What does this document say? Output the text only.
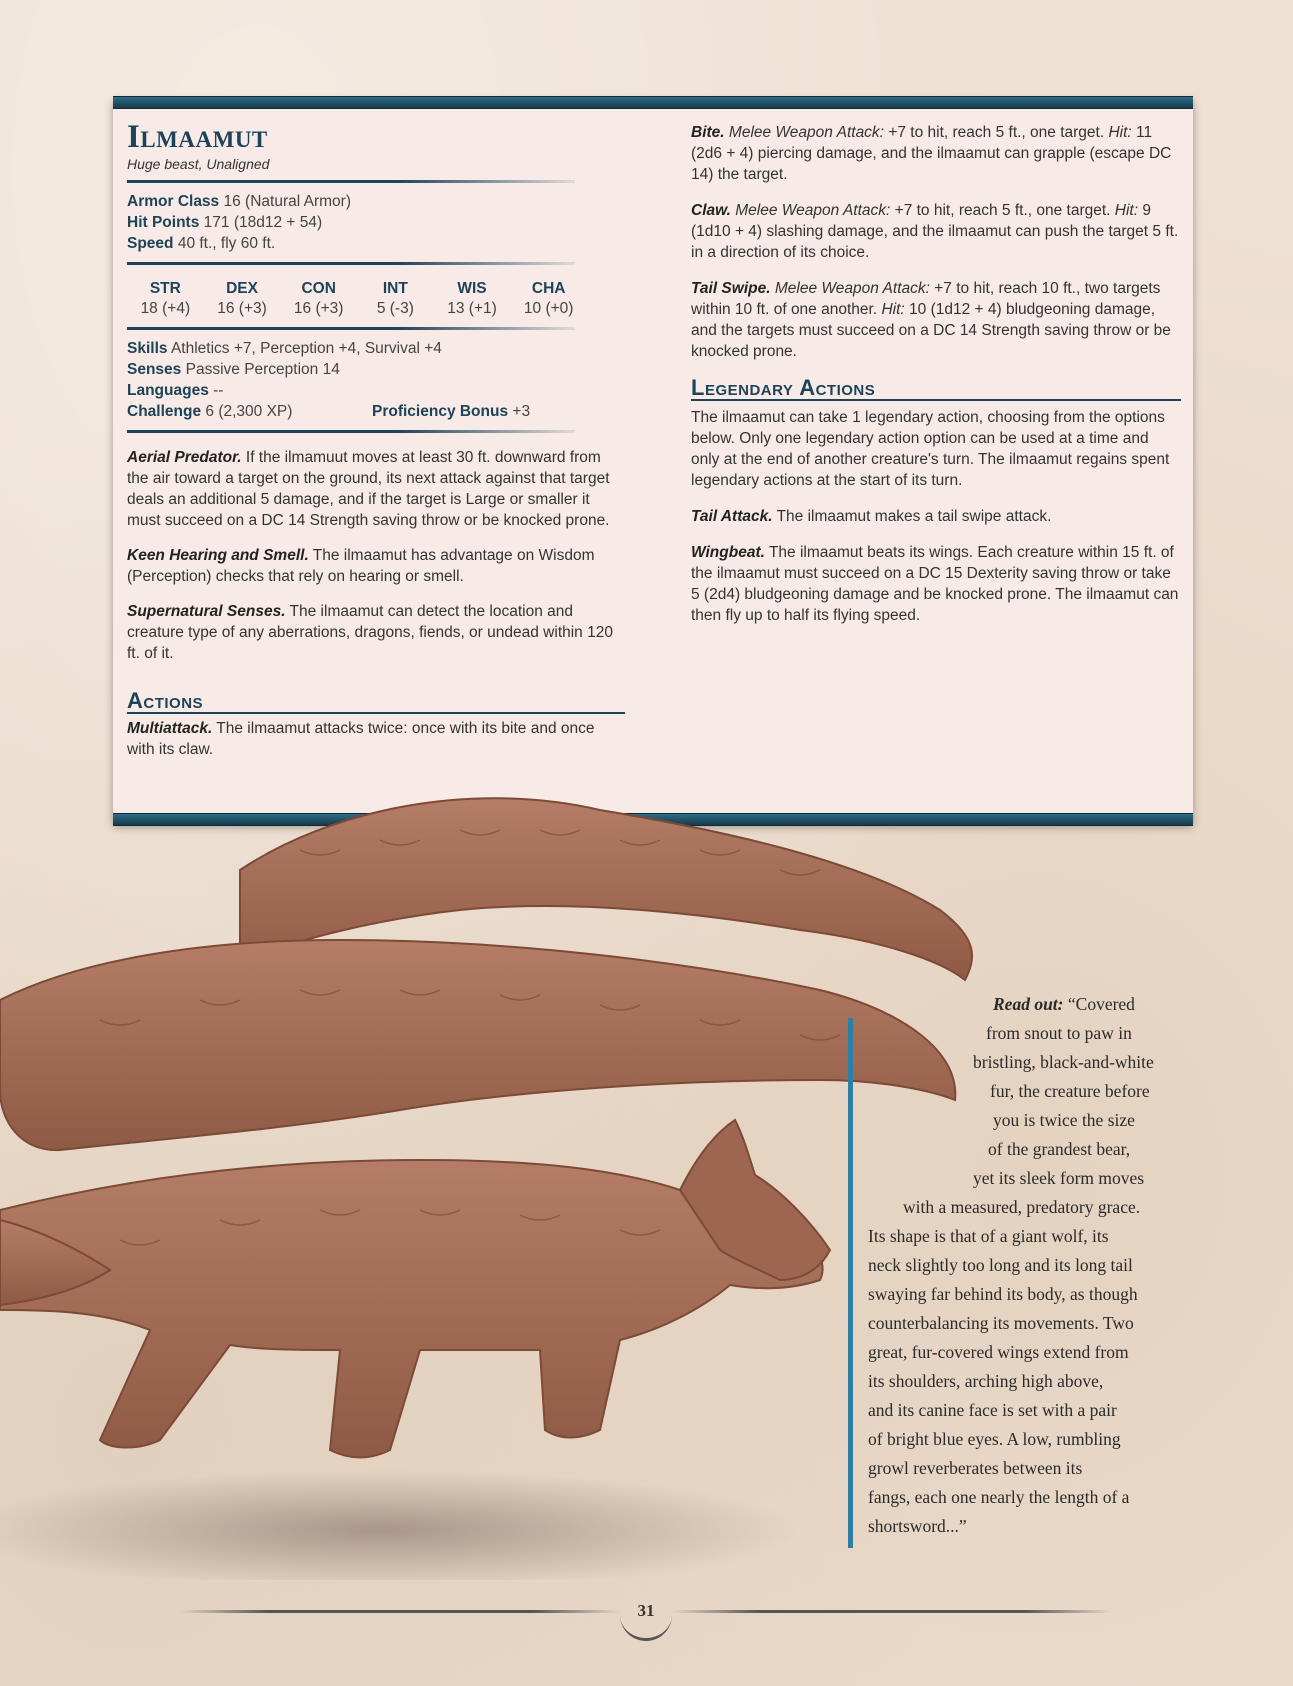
Ilmaamut
Huge beast, Unaligned
Armor Class 16 (Natural Armor)
Hit Points 171 (18d12 + 54)
Speed 40 ft., fly 60 ft.
STR
18 (+4)
DEX
16 (+3)
CON
16 (+3)
INT
5 (-3)
WIS
13 (+1)
CHA
10 (+0)
Skills Athletics +7, Perception +4, Survival +4
Senses Passive Perception 14
Languages --
Challenge 6 (2,300 XP)	Proficiency Bonus +3

Aerial Predator. If the ilmamuut moves at least 30 ft. downward from the air toward a target on the ground, its next attack against that target deals an additional 5 damage, and if the target is Large or smaller it must succeed on a DC 14 Strength saving throw or be knocked prone.

Keen Hearing and Smell. The ilmaamut has advantage on Wisdom (Perception) checks that rely on hearing or smell.

Supernatural Senses. The ilmaamut can detect the location and creature type of any aberrations, dragons, fiends, or undead within 120 ft. of it.

Actions

Multiattack. The ilmaamut attacks twice: once with its bite and once with its claw.

Bite. Melee Weapon Attack: +7 to hit, reach 5 ft., one target. Hit: 11 (2d6 + 4) piercing damage, and the ilmaamut can grapple (escape DC 14) the target.

Claw. Melee Weapon Attack: +7 to hit, reach 5 ft., one target. Hit: 9 (1d10 + 4) slashing damage, and the ilmaamut can push the target 5 ft. in a direction of its choice.

Tail Swipe. Melee Weapon Attack: +7 to hit, reach 10 ft., two targets within 10 ft. of one another. Hit: 10 (1d12 + 4) bludgeoning damage, and the targets must succeed on a DC 14 Strength saving throw or be knocked prone.

Legendary Actions

The ilmaamut can take 1 legendary action, choosing from the options below. Only one legendary action option can be used at a time and only at the end of another creature's turn. The ilmaamut regains spent legendary actions at the start of its turn.

Tail Attack. The ilmaamut makes a tail swipe attack.

Wingbeat. The ilmaamut beats its wings. Each creature within 15 ft. of the ilmaamut must succeed on a DC 15 Dexterity saving throw or take 5 (2d4) bludgeoning damage and be knocked prone. The ilmaamut can then fly up to half its flying speed.

Read out: “Covered
from snout to paw in
bristling, black-and-white
fur, the creature before
you is twice the size
of the grandest bear,
yet its sleek form moves
with a measured, predatory grace.
Its shape is that of a giant wolf, its
neck slightly too long and its long tail
swaying far behind its body, as though
counterbalancing its movements. Two
great, fur-covered wings extend from
its shoulders, arching high above,
and its canine face is set with a pair
of bright blue eyes. A low, rumbling
growl reverberates between its
fangs, each one nearly the length of a
shortsword...”
31
